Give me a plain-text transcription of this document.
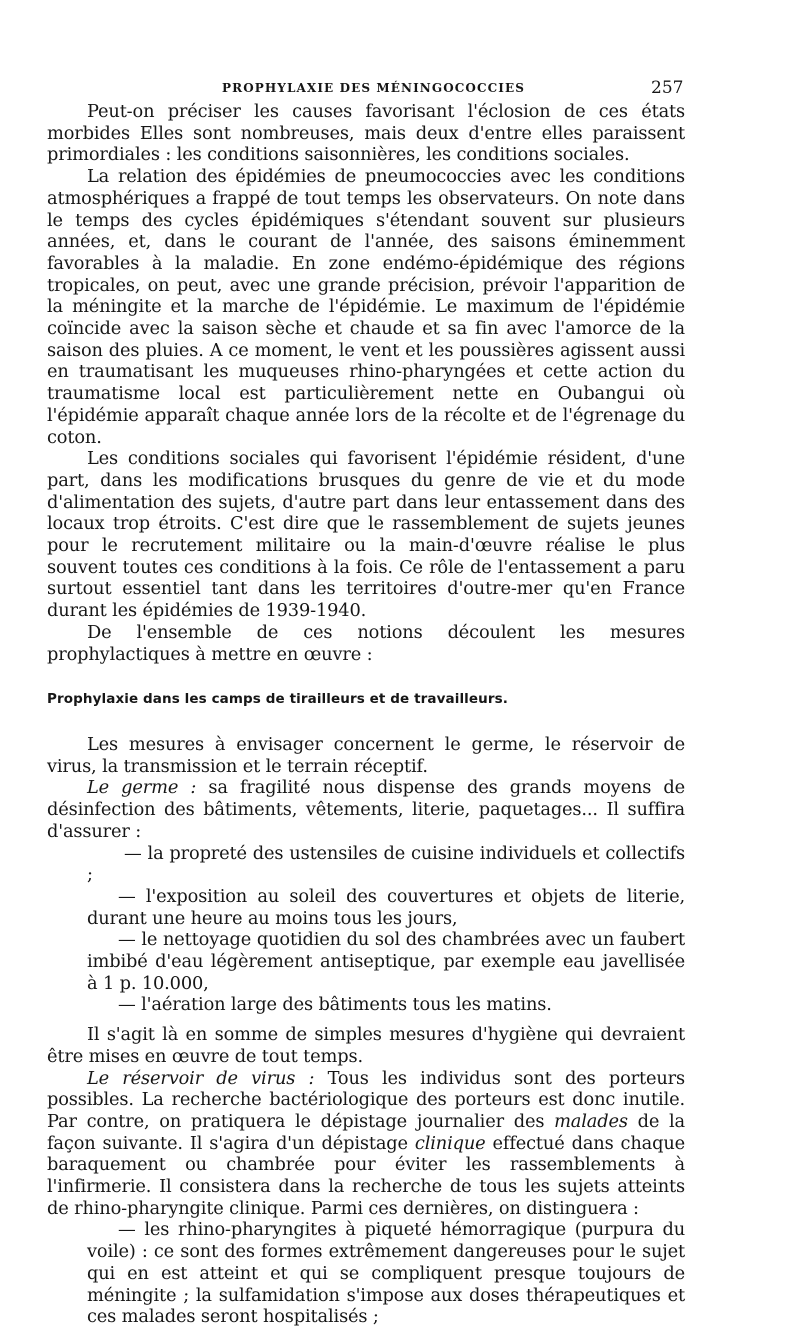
PROPHYLAXIE DES MÉNINGOCOCCIES	257

Peut-on préciser les causes favorisant l'éclosion de ces états morbides Elles sont nombreuses, mais deux d'entre elles paraissent primordiales : les conditions saisonnières, les conditions sociales.

La relation des épidémies de pneumococcies avec les conditions atmosphériques a frappé de tout temps les observateurs. On note dans le temps des cycles épidémiques s'étendant souvent sur plusieurs années, et, dans le courant de l'année, des saisons éminemment favorables à la maladie. En zone endémo-épidémique des régions tropicales, on peut, avec une grande précision, prévoir l'apparition de la méningite et la marche de l'épidémie. Le maximum de l'épidémie coïncide avec la saison sèche et chaude et sa fin avec l'amorce de la saison des pluies. A ce moment, le vent et les poussières agissent aussi en traumatisant les muqueuses rhino-pharyngées et cette action du traumatisme local est particulièrement nette en Oubangui où l'épidémie apparaît chaque année lors de la récolte et de l'égrenage du coton.

Les conditions sociales qui favorisent l'épidémie résident, d'une part, dans les modifications brusques du genre de vie et du mode d'alimentation des sujets, d'autre part dans leur entassement dans des locaux trop étroits. C'est dire que le rassemblement de sujets jeunes pour le recrutement militaire ou la main-d'œuvre réalise le plus souvent toutes ces conditions à la fois. Ce rôle de l'entassement a paru surtout essentiel tant dans les territoires d'outre-mer qu'en France durant les épidémies de 1939-1940.

De l'ensemble de ces notions découlent les mesures prophylactiques à mettre en œuvre :

Prophylaxie dans les camps de tirailleurs et de travailleurs.

Les mesures à envisager concernent le germe, le réservoir de virus, la transmission et le terrain réceptif.

Le germe : sa fragilité nous dispense des grands moyens de désinfection des bâtiments, vêtements, literie, paquetages... Il suffira d'assurer :

— la propreté des ustensiles de cuisine individuels et collectifs ;

— l'exposition au soleil des couvertures et objets de literie, durant une heure au moins tous les jours,

— le nettoyage quotidien du sol des chambrées avec un faubert imbibé d'eau légèrement antiseptique, par exemple eau javellisée à 1 p. 10.000,

— l'aération large des bâtiments tous les matins.

Il s'agit là en somme de simples mesures d'hygiène qui devraient être mises en œuvre de tout temps.

Le réservoir de virus : Tous les individus sont des porteurs possibles. La recherche bactériologique des porteurs est donc inutile. Par contre, on pratiquera le dépistage journalier des malades de la façon suivante. Il s'agira d'un dépistage clinique effectué dans chaque baraquement ou chambrée pour éviter les rassemblements à l'infirmerie. Il consistera dans la recherche de tous les sujets atteints de rhino-pharyngite clinique. Parmi ces dernières, on distinguera :

— les rhino-pharyngites à piqueté hémorragique (purpura du voile) : ce sont des formes extrêmement dangereuses pour le sujet qui en est atteint et qui se compliquent presque toujours de méningite ; la sulfamidation s'impose aux doses thérapeutiques et ces malades seront hospitalisés ;
